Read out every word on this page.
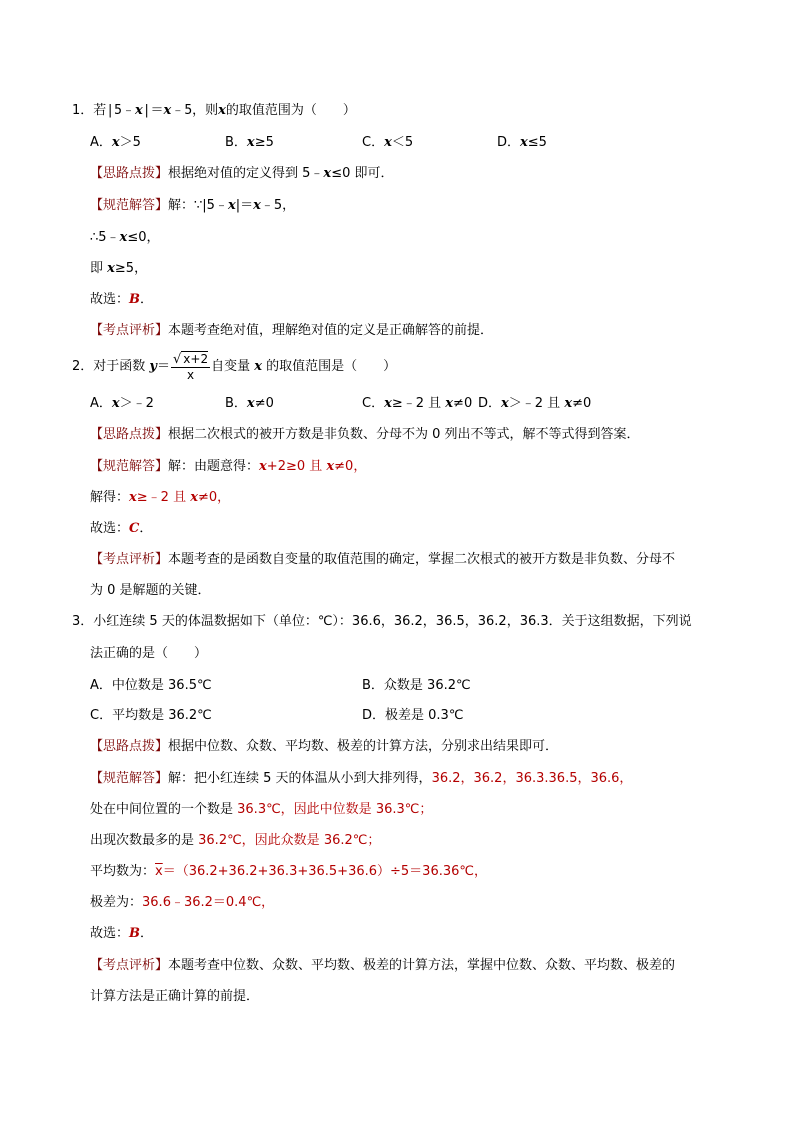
1．若|5﹣x|＝x﹣5，则x的取值范围为（　　）
A．x＞5	B．x≥5	C．x＜5	D．x≤5
【思路点拨】根据绝对值的定义得到 5﹣x≤0 即可．
【规范解答】解：∵|5﹣x|＝x﹣5，
∴5﹣x≤0，
即 x≥5，
故选：B．
【考点评析】本题考查绝对值，理解绝对值的定义是正确解答的前提．
2．对于函数 $y= \frac{√ x+2}{x}$ 自变量 x 的取值范围是（　　）
A．x＞﹣2	B．x≠0	C．x≥﹣2 且 x≠0 D．x＞﹣2 且 x≠0
【思路点拨】根据二次根式的被开方数是非负数、分母不为 0 列出不等式，解不等式得到答案．
【规范解答】解：由题意得：x+2≥0 且 x≠0，
解得：x≥﹣2 且 x≠0，
故选：C．
【考点评析】本题考查的是函数自变量的取值范围的确定，掌握二次根式的被开方数是非负数、分母不
为 0 是解题的关键．
3．小红连续 5 天的体温数据如下（单位：℃）：36.6，36.2，36.5，36.2，36.3．关于这组数据，下列说
法正确的是（　　）
A．中位数是 36.5℃	B．众数是 36.2℃
C．平均数是 36.2℃	D．极差是 0.3℃
【思路点拨】根据中位数、众数、平均数、极差的计算方法，分别求出结果即可．
【规范解答】解：把小红连续 5 天的体温从小到大排列得，36.2，36.2，36.3.36.5，36.6，
处在中间位置的一个数是 36.3℃，因此中位数是 36.3℃；
出现次数最多的是 36.2℃，因此众数是 36.2℃；
平均数为：$\overline{x}=(36.2+36.2+36.3+36.5+36.6)\div 5=36.36℃$，
极差为：36.6﹣36.2＝0.4℃，
故选：B．
【考点评析】本题考查中位数、众数、平均数、极差的计算方法，掌握中位数、众数、平均数、极差的
计算方法是正确计算的前提．
